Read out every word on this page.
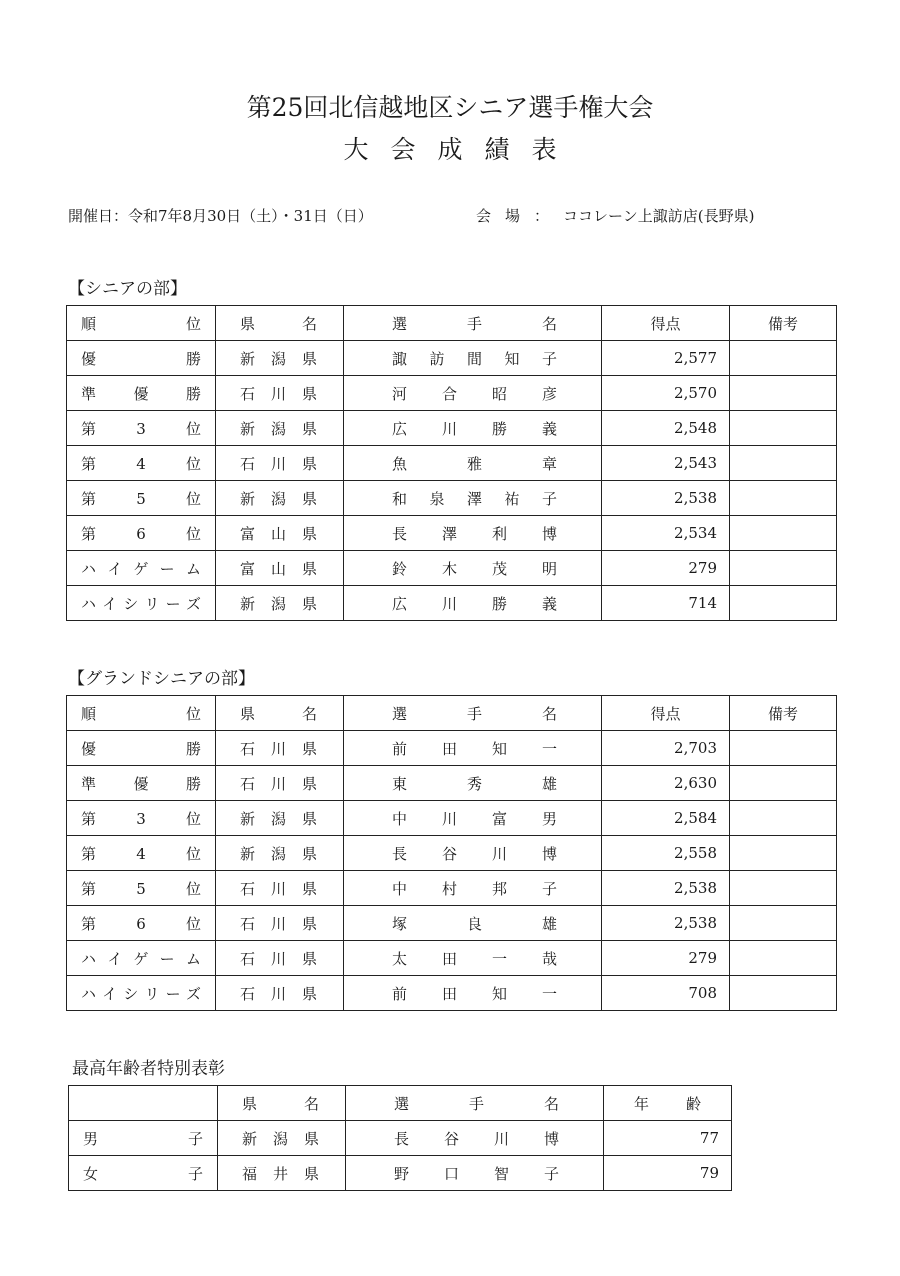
第25回北信越地区シニア選手権大会
大会成績表
開催日：令和7年8月30日（土）・31日（日）	会場：ココレーン上諏訪店(長野県)
【シニアの部】
順位	県名	選手名	得点	備考

優勝	新潟県	諏訪間知子	2,577	

準優勝	石川県	河合昭彦	2,570	

第3位	新潟県	広川勝義	2,548	

第4位	石川県	魚雅章	2,543	

第5位	新潟県	和泉澤祐子	2,538	

第6位	富山県	長澤利博	2,534	

ハイゲーム	富山県	鈴木茂明	279	

ハイシリーズ	新潟県	広川勝義	714	
【グランドシニアの部】
順位	県名	選手名	得点	備考

優勝	石川県	前田知一	2,703	

準優勝	石川県	東秀雄	2,630	

第3位	新潟県	中川富男	2,584	

第4位	新潟県	長谷川博	2,558	

第5位	石川県	中村邦子	2,538	

第6位	石川県	塚良雄	2,538	

ハイゲーム	石川県	太田一哉	279	

ハイシリーズ	石川県	前田知一	708	
最高年齢者特別表彰

	県名	選手名	年齢

男子	新潟県	長谷川博	77

女子	福井県	野口智子	79
